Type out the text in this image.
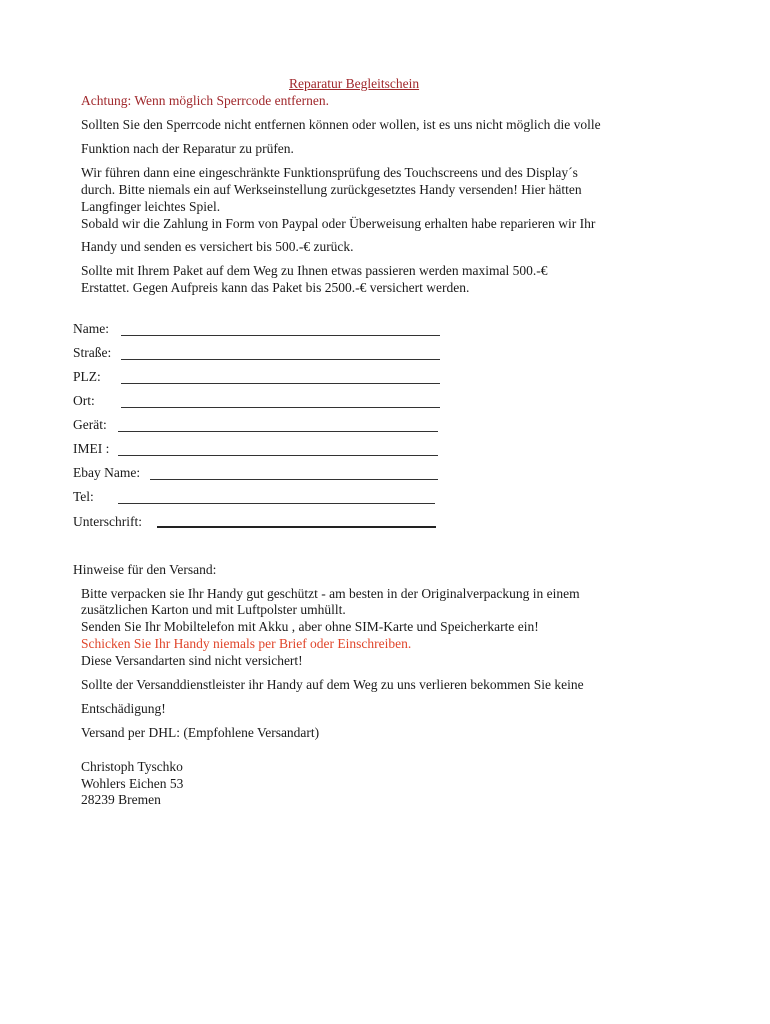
Reparatur Begleitschein
Achtung: Wenn möglich Sperrcode entfernen.
Sollten Sie den Sperrcode nicht entfernen können oder wollen, ist es uns nicht möglich die volle
Funktion nach der Reparatur zu prüfen.
Wir führen dann eine eingeschränkte Funktionsprüfung des Touchscreens und des Display´s
durch. Bitte niemals ein auf Werkseinstellung zurückgesetztes Handy versenden! Hier hätten
Langfinger leichtes Spiel.
Sobald wir die Zahlung in Form von Paypal oder Überweisung erhalten habe reparieren wir Ihr
Handy und senden es versichert bis 500.-€ zurück.
Sollte mit Ihrem Paket auf dem Weg zu Ihnen etwas passieren werden maximal 500.-€
Erstattet. Gegen Aufpreis kann das Paket bis 2500.-€ versichert werden.
Name:
Straße:
PLZ:
Ort:
Gerät:
IMEI :
Ebay Name:
Tel:
Unterschrift:
Hinweise für den Versand:
Bitte verpacken sie Ihr Handy gut geschützt - am besten in der Originalverpackung in einem
zusätzlichen Karton und mit Luftpolster umhüllt.
Senden Sie Ihr Mobiltelefon mit Akku , aber ohne SIM-Karte und Speicherkarte ein!
Schicken Sie Ihr Handy niemals per Brief oder Einschreiben.
Diese Versandarten sind nicht versichert!
Sollte der Versanddienstleister ihr Handy auf dem Weg zu uns verlieren bekommen Sie keine
Entschädigung!
Versand per DHL: (Empfohlene Versandart)
Christoph Tyschko
Wohlers Eichen 53
28239 Bremen
